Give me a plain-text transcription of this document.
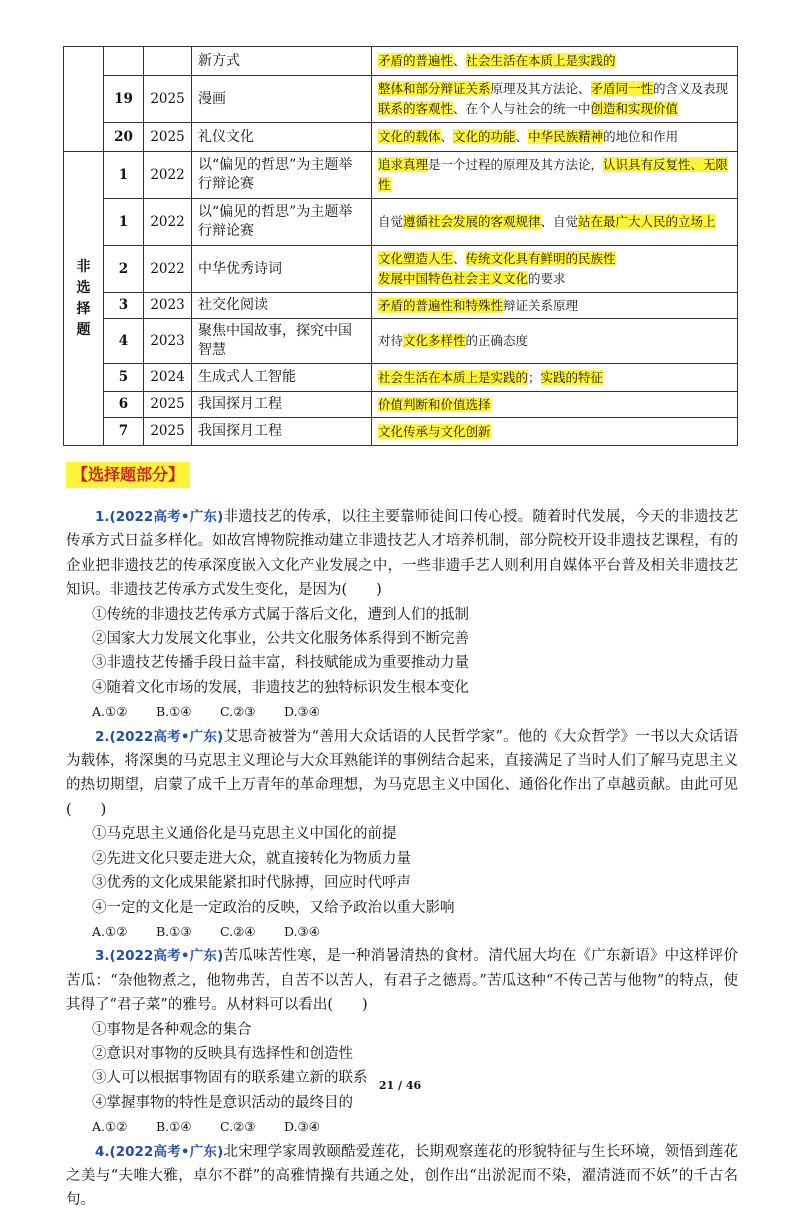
			新方式	矛盾的普遍性、社会生活在本质上是实践的

	19	2025	漫画	整体和部分辩证关系原理及其方法论、矛盾同一性的含义及表现
联系的客观性、在个人与社会的统一中创造和实现价值

	20	2025	礼仪文化	文化的载体、文化的功能、中华民族精神的地位和作用

非
选
择
题	1	2022	以“偏见的哲思”为主题举行辩论赛	追求真理是一个过程的原理及其方法论，认识具有反复性、无限性

	1	2022	以“偏见的哲思”为主题举行辩论赛	自觉遵循社会发展的客观规律、自觉站在最广大人民的立场上

	2	2022	中华优秀诗词	文化塑造人生、传统文化具有鲜明的民族性
发展中国特色社会主义文化的要求

	3	2023	社交化阅读	矛盾的普遍性和特殊性辩证关系原理

	4	2023	聚焦中国故事，探究中国智慧	对待文化多样性的正确态度

	5	2024	生成式人工智能	社会生活在本质上是实践的；实践的特征

	6	2025	我国探月工程	价值判断和价值选择

	7	2025	我国探月工程	文化传承与文化创新
【选择题部分】
1.(2022高考•广东)非遗技艺的传承，以往主要靠师徒间口传心授。随着时代发展，今天的非遗技艺传承方式日益多样化。如故宫博物院推动建立非遗技艺人才培养机制，部分院校开设非遗技艺课程，有的企业把非遗技艺的传承深度嵌入文化产业发展之中，一些非遗手艺人则利用自媒体平台普及相关非遗技艺知识。非遗技艺传承方式发生变化，是因为(　　)
①传统的非遗技艺传承方式属于落后文化，遭到人们的抵制
②国家大力发展文化事业，公共文化服务体系得到不断完善
③非遗技艺传播手段日益丰富，科技赋能成为重要推动力量
④随着文化市场的发展，非遗技艺的独特标识发生根本变化
A.①② B.①④ C.②③ D.③④
2.(2022高考•广东)艾思奇被誉为“善用大众话语的人民哲学家”。他的《大众哲学》一书以大众话语为载体，将深奥的马克思主义理论与大众耳熟能详的事例结合起来，直接满足了当时人们了解马克思主义的热切期望，启蒙了成千上万青年的革命理想，为马克思主义中国化、通俗化作出了卓越贡献。由此可见(　　)
①马克思主义通俗化是马克思主义中国化的前提
②先进文化只要走进大众，就直接转化为物质力量
③优秀的文化成果能紧扣时代脉搏，回应时代呼声
④一定的文化是一定政治的反映，又给予政治以重大影响
A.①② B.①③ C.②④ D.③④
3.(2022高考•广东)苦瓜味苦性寒，是一种消暑清热的食材。清代屈大均在《广东新语》中这样评价苦瓜：“杂他物煮之，他物弗苦，自苦不以苦人，有君子之德焉。”苦瓜这种“不传己苦与他物”的特点，使其得了“君子菜”的雅号。从材料可以看出(　　)
①事物是各种观念的集合
②意识对事物的反映具有选择性和创造性
③人可以根据事物固有的联系建立新的联系
④掌握事物的特性是意识活动的最终目的
A.①② B.①④ C.②③ D.③④
4.(2022高考•广东)北宋理学家周敦颐酷爱莲花，长期观察莲花的形貌特征与生长环境，领悟到莲花之美与“夫唯大雅，卓尔不群”的高雅情操有共通之处，创作出“出淤泥而不染，濯清涟而不妖”的千古名句。
21 / 46
